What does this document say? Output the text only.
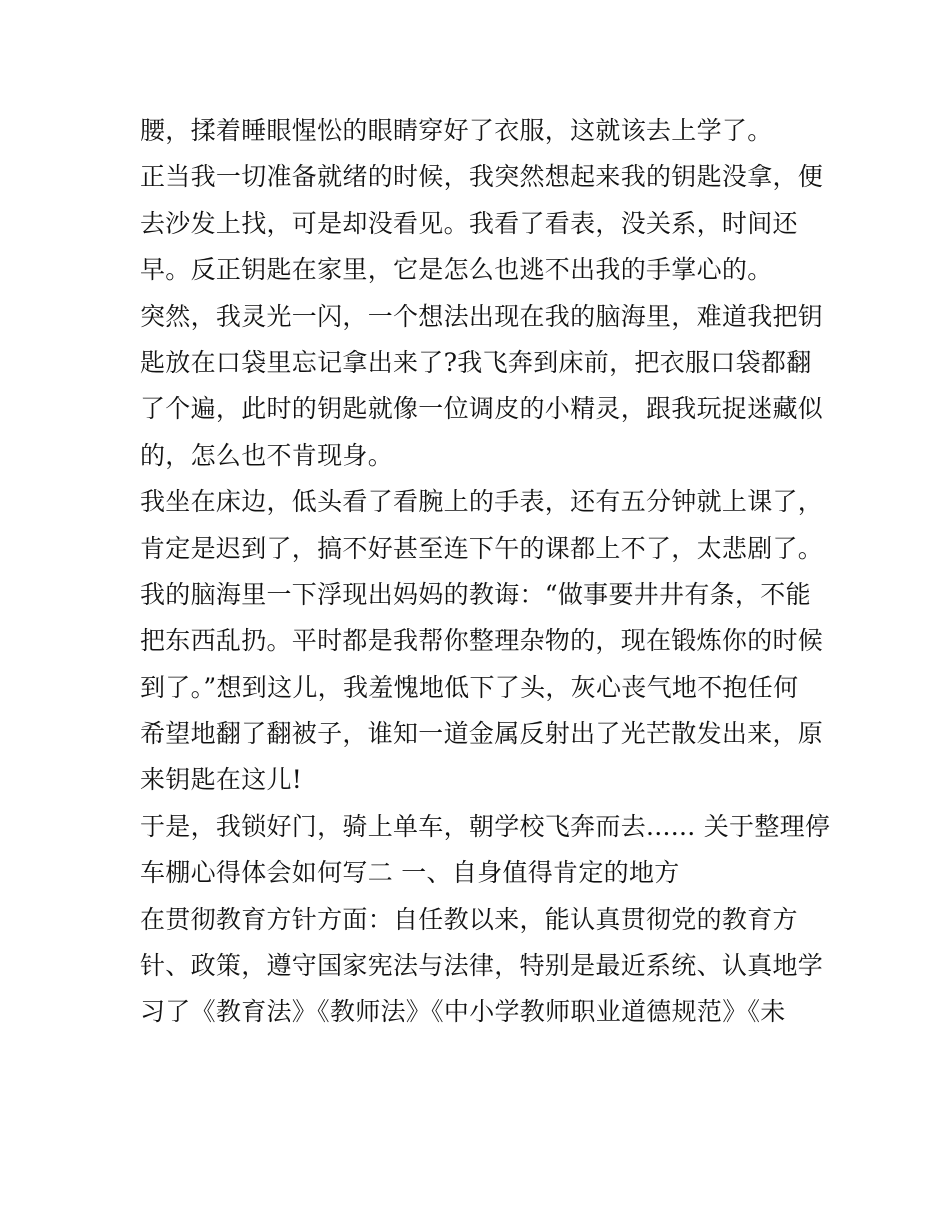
腰，揉着睡眼惺忪的眼睛穿好了衣服，这就该去上学了。
正当我一切准备就绪的时候，我突然想起来我的钥匙没拿，便
去沙发上找，可是却没看见。我看了看表，没关系，时间还
早。反正钥匙在家里，它是怎么也逃不出我的手掌心的。
突然，我灵光一闪，一个想法出现在我的脑海里，难道我把钥
匙放在口袋里忘记拿出来了?我飞奔到床前，把衣服口袋都翻
了个遍，此时的钥匙就像一位调皮的小精灵，跟我玩捉迷藏似
的，怎么也不肯现身。
我坐在床边，低头看了看腕上的手表，还有五分钟就上课了，
肯定是迟到了，搞不好甚至连下午的课都上不了，太悲剧了。
我的脑海里一下浮现出妈妈的教诲：“做事要井井有条，不能
把东西乱扔。平时都是我帮你整理杂物的，现在锻炼你的时候
到了。”想到这儿，我羞愧地低下了头，灰心丧气地不抱任何
希望地翻了翻被子，谁知一道金属反射出了光芒散发出来，原
来钥匙在这儿!
于是，我锁好门，骑上单车，朝学校飞奔而去...... 关于整理停
车棚心得体会如何写二 一、自身值得肯定的地方
在贯彻教育方针方面：自任教以来，能认真贯彻党的教育方
针、政策，遵守国家宪法与法律，特别是最近系统、认真地学
习了《教育法》《教师法》《中小学教师职业道德规范》《未
